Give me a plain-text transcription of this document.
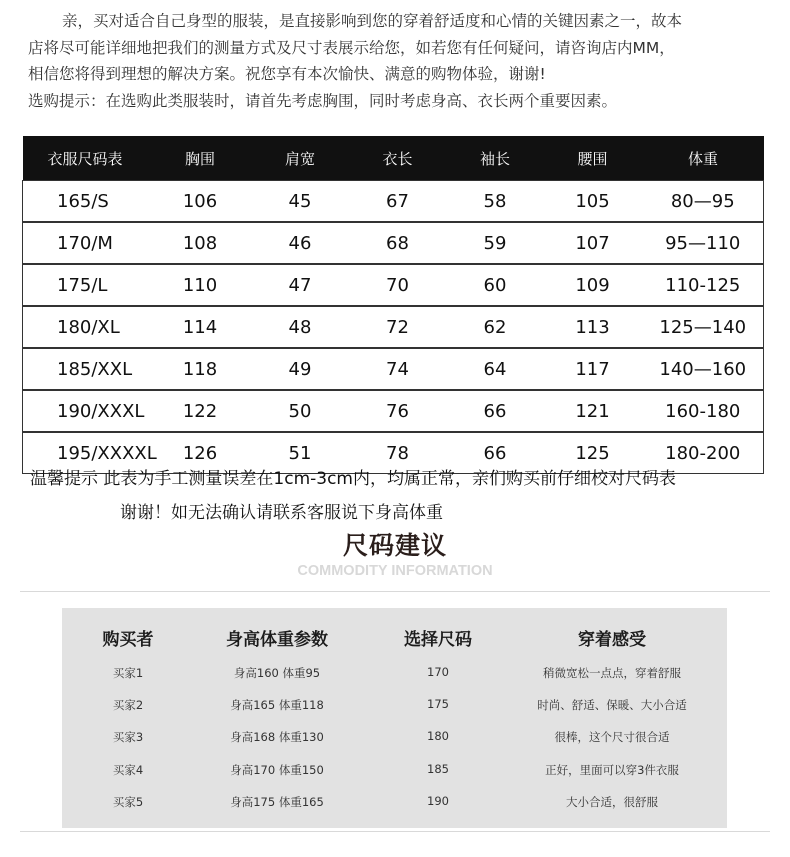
亲，买对适合自己身型的服装，是直接影响到您的穿着舒适度和心情的关键因素之一，故本

店将尽可能详细地把我们的测量方式及尺寸表展示给您，如若您有任何疑问，请咨询店内MM，

相信您将得到理想的解决方案。祝您享有本次愉快、满意的购物体验，谢谢!

选购提示：在选购此类服装时，请首先考虑胸围，同时考虑身高、衣长两个重要因素。

衣服尺码表	胸围	肩宽	衣长	袖长	腰围	体重
165/S	106	45	67	58	105	80—95
170/M	108	46	68	59	107	95—110
175/L	110	47	70	60	109	110-125
180/XL	114	48	72	62	113	125—140
185/XXL	118	49	74	64	117	140—160
190/XXXL	122	50	76	66	121	160-180
195/XXXXL	126	51	78	66	125	180-200
温馨提示 此表为手工测量误差在1cm-3cm内，均属正常，亲们购买前仔细校对尺码表
谢谢！如无法确认请联系客服说下身高体重
尺码建议
COMMODITY INFORMATION
购买者	身高体重参数	选择尺码	穿着感受
买家1	身高160 体重95	170	稍微宽松一点点，穿着舒服
买家2	身高165 体重118	175	时尚、舒适、保暖、大小合适
买家3	身高168 体重130	180	很棒，这个尺寸很合适
买家4	身高170 体重150	185	正好，里面可以穿3件衣服
买家5	身高175 体重165	190	大小合适，很舒服
